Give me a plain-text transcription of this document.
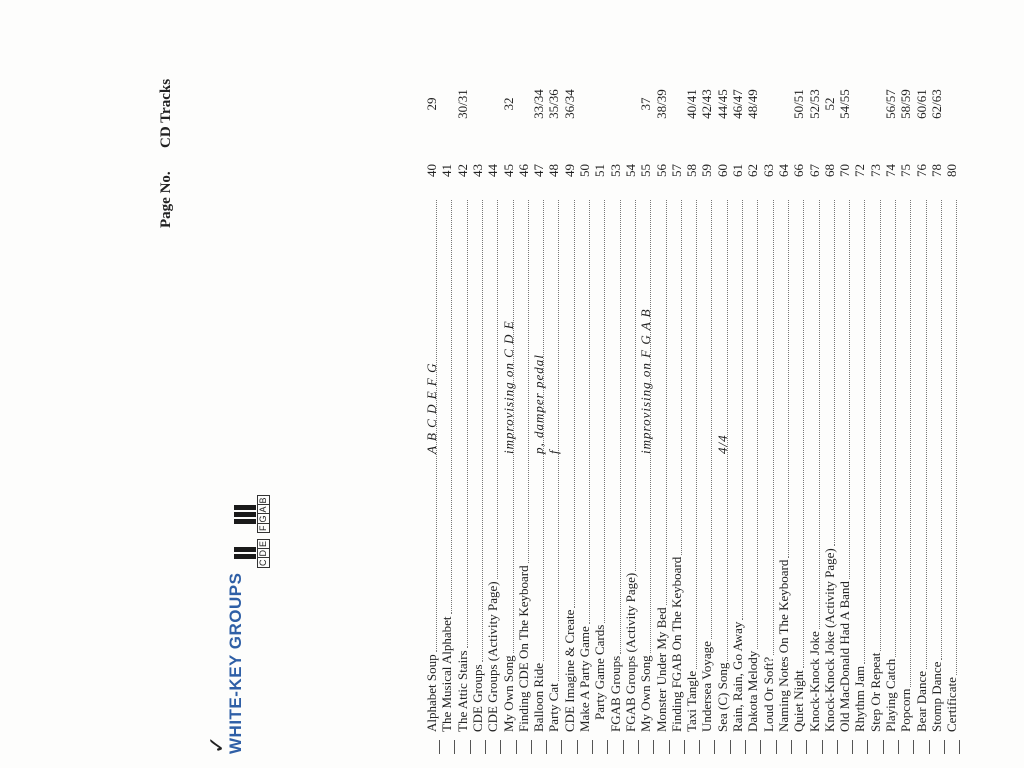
✓
WHITE-KEY GROUPS
Page No.
CD Tracks
C
D
E
F
G
A
B
Alphabet Soup
A B C D E F G
40
29
The Musical Alphabet
41
The Attic Stairs
42
30/31
CDE Groups
43
CDE Groups (Activity Page)
44
My Own Song
improvising on C D E
45
32
Finding CDE On The Keyboard
46
Balloon Ride
p, damper pedal
47
33/34
Party Cat
f
48
35/36
CDE Imagine & Create
49
36/34
Make A Party Game
50
Party Game Cards
51
FGAB Groups
53
FGAB Groups (Activity Page)
54
My Own Song
improvising on F G A B
55
37
Monster Under My Bed
56
38/39
Finding FGAB On The Keyboard
57
Taxi Tangle
58
40/41
Undersea Voyage
59
42/43
Sea (C) Song
4/4
60
44/45
Rain, Rain, Go Away
61
46/47
Dakota Melody
62
48/49
Loud Or Soft?
63
Naming Notes On The Keyboard
64
Quiet Night
66
50/51
Knock-Knock Joke
67
52/53
Knock-Knock Joke (Activity Page)
68
52
Old MacDonald Had A Band
70
54/55
Rhythm Jam
72
Step Or Repeat
73
Playing Catch
74
56/57
Popcorn
75
58/59
Bear Dance
76
60/61
Stomp Dance
78
62/63
Certificate
80
